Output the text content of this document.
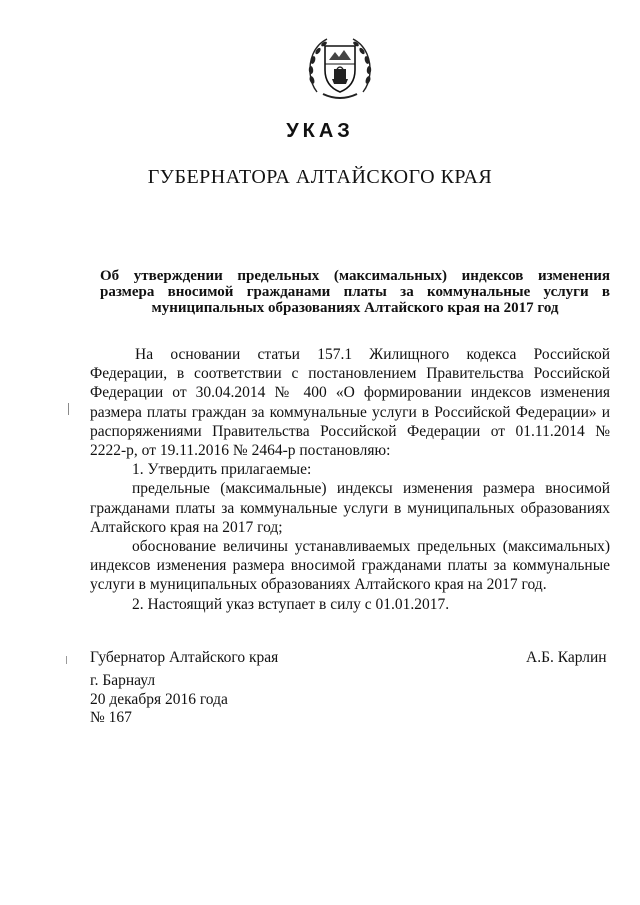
УКАЗ
ГУБЕРНАТОРА АЛТАЙСКОГО КРАЯ
Об утверждении предельных (максимальных) индексов изменения размера вносимой гражданами платы за коммунальные услуги в муниципальных образованиях Алтайского края на 2017 год

На основании статьи 157.1 Жилищного кодекса Российской Федерации, в соответствии с постановлением Правительства Российской Федерации от 30.04.2014 № 400 «О формировании индексов изменения размера платы граждан за коммунальные услуги в Российской Федерации» и распоряжениями Правительства Российской Федерации от 01.11.2014 № 2222-р, от 19.11.2016 № 2464-р постановляю:

1. Утвердить прилагаемые:

предельные (максимальные) индексы изменения размера вносимой гражданами платы за коммунальные услуги в муниципальных образованиях Алтайского края на 2017 год;

обоснование величины устанавливаемых предельных (максимальных) индексов изменения размера вносимой гражданами платы за коммунальные услуги в муниципальных образованиях Алтайского края на 2017 год.

2. Настоящий указ вступает в силу с 01.01.2017.

Губернатор Алтайского края	А.Б. Карлин
г. Барнаул
20 декабря 2016 года
№ 167
